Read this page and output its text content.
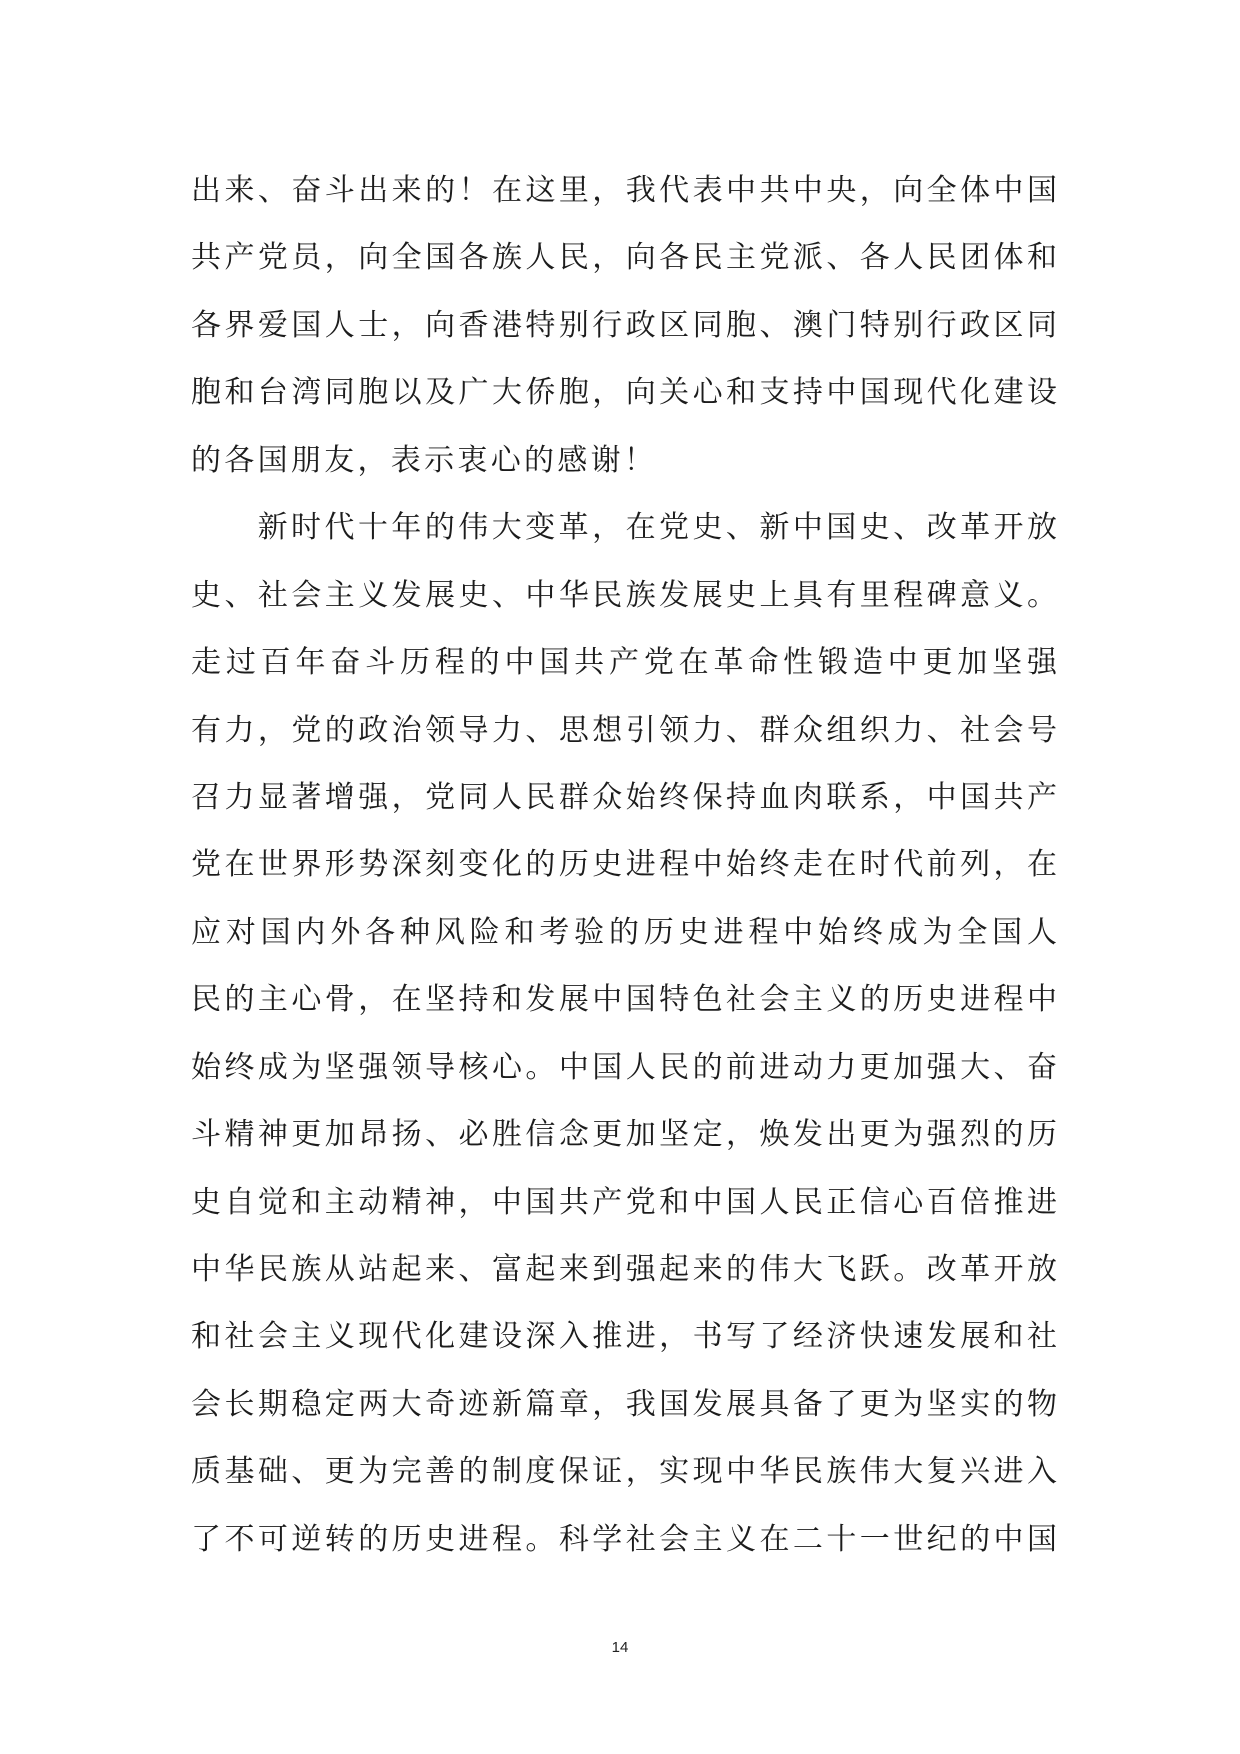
出来、奋斗出来的！在这里，我代表中共中央，向全体中国
共产党员，向全国各族人民，向各民主党派、各人民团体和
各界爱国人士，向香港特别行政区同胞、澳门特别行政区同
胞和台湾同胞以及广大侨胞，向关心和支持中国现代化建设
的各国朋友，表示衷心的感谢！
新时代十年的伟大变革，在党史、新中国史、改革开放
史、社会主义发展史、中华民族发展史上具有里程碑意义。
走过百年奋斗历程的中国共产党在革命性锻造中更加坚强
有力，党的政治领导力、思想引领力、群众组织力、社会号
召力显著增强，党同人民群众始终保持血肉联系，中国共产
党在世界形势深刻变化的历史进程中始终走在时代前列，在
应对国内外各种风险和考验的历史进程中始终成为全国人
民的主心骨，在坚持和发展中国特色社会主义的历史进程中
始终成为坚强领导核心。中国人民的前进动力更加强大、奋
斗精神更加昂扬、必胜信念更加坚定，焕发出更为强烈的历
史自觉和主动精神，中国共产党和中国人民正信心百倍推进
中华民族从站起来、富起来到强起来的伟大飞跃。改革开放
和社会主义现代化建设深入推进，书写了经济快速发展和社
会长期稳定两大奇迹新篇章，我国发展具备了更为坚实的物
质基础、更为完善的制度保证，实现中华民族伟大复兴进入
了不可逆转的历史进程。科学社会主义在二十一世纪的中国
14
